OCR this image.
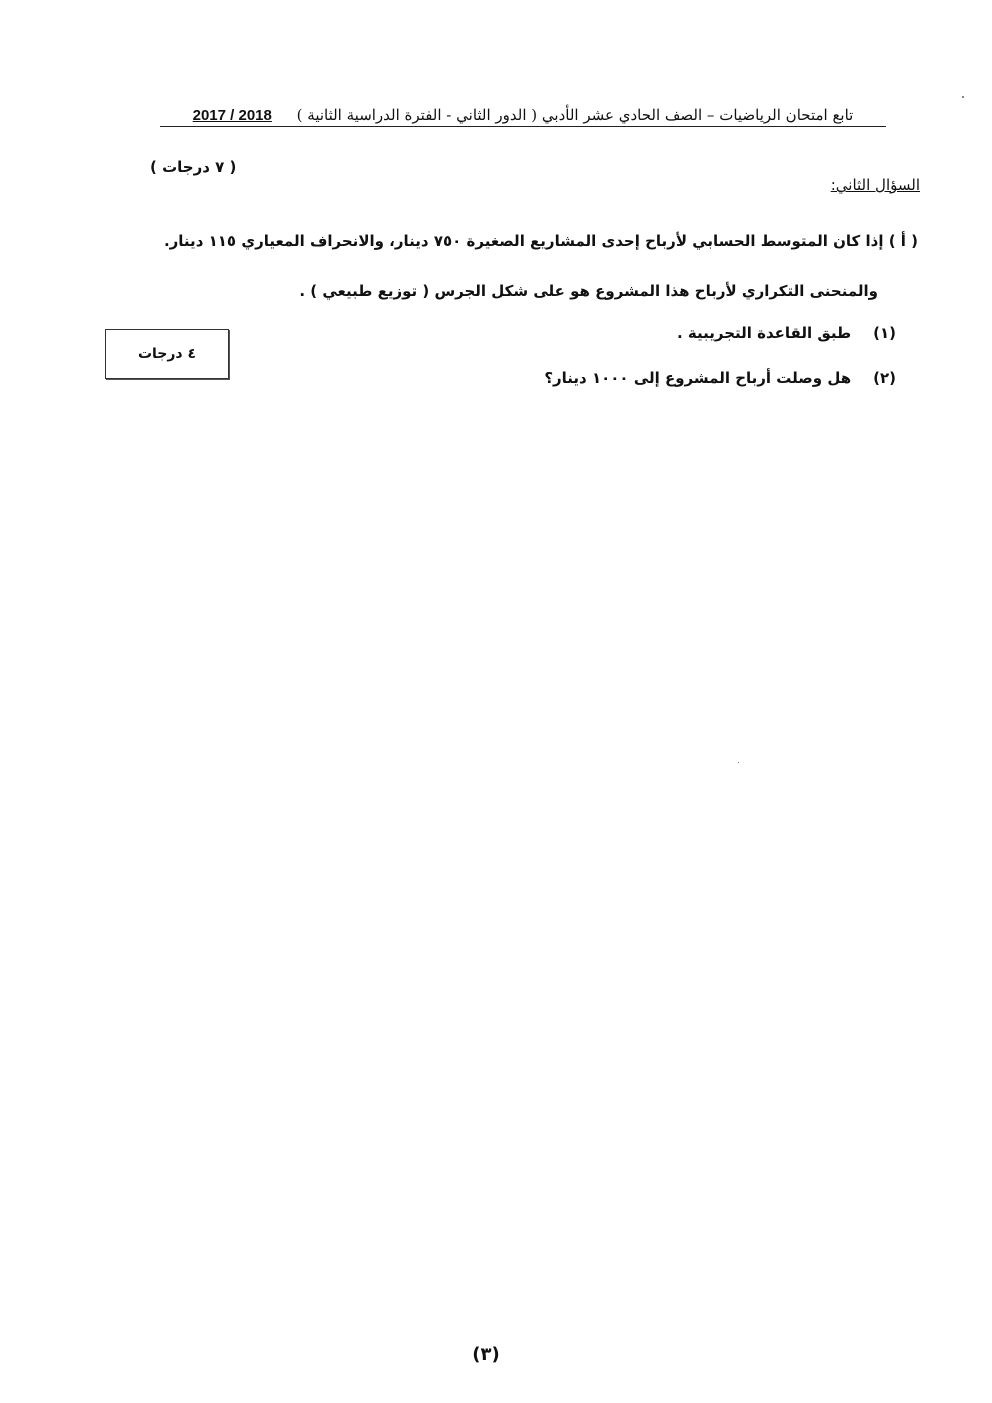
تابع امتحان الرياضيات – الصف الحادي عشر الأدبي ( الدور الثاني - الفترة الدراسية الثانية ) 2017 / 2018
( ٧ درجات )
السؤال الثاني:
( أ ) إذا كان المتوسط الحسابي لأرباح إحدى المشاريع الصغيرة ٧٥٠ دينار، والانحراف المعياري ١١٥ دينار.
والمنحنى التكراري لأرباح هذا المشروع هو على شكل الجرس ( توزيع طبيعي ) .
(١)
طبق القاعدة التجريبية .
(٢)
هل وصلت أرباح المشروع إلى ١٠٠٠ دينار؟
٤ درجات
(٣)
